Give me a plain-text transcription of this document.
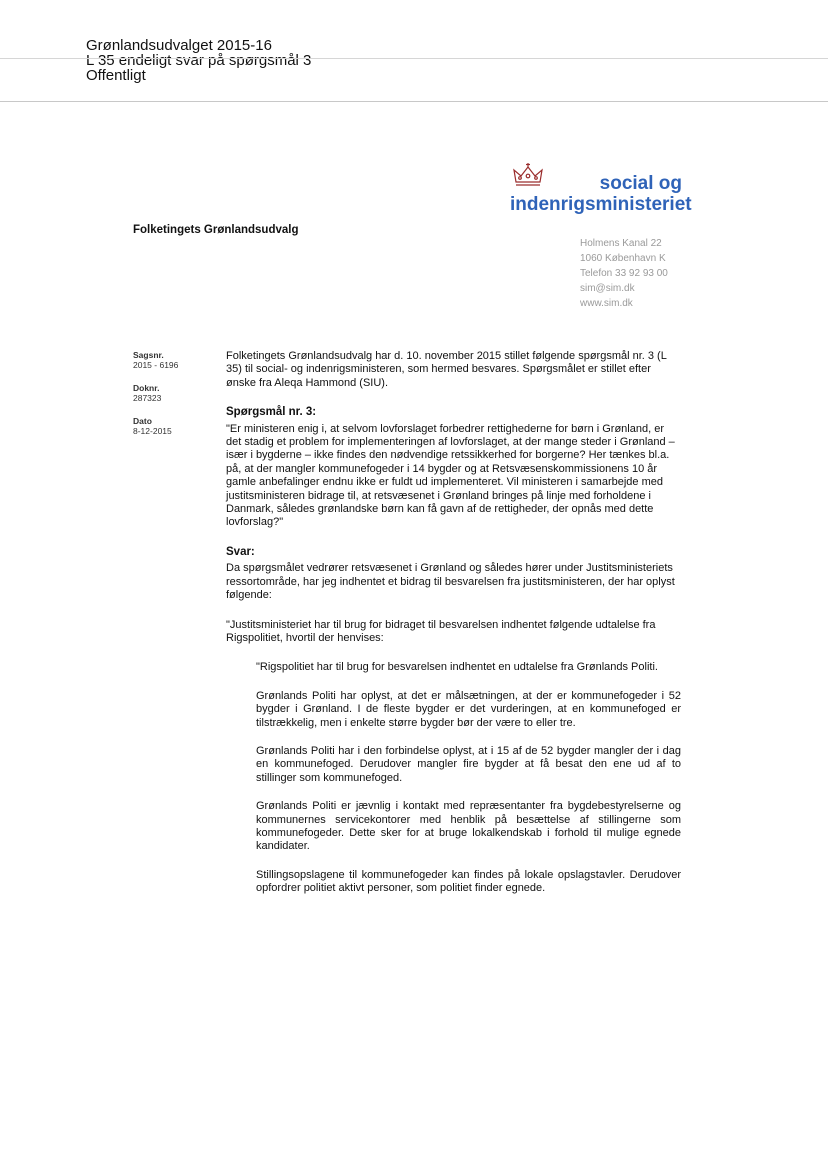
Grønlandsudvalget 2015-16
L 35 endeligt svar på spørgsmål 3
Offentligt
social og
indenrigsministeriet
Folketingets Grønlandsudvalg
Holmens Kanal 22
1060 København K
Telefon 33 92 93 00
sim@sim.dk
www.sim.dk
Sagsnr.
2015 - 6196
Doknr.
287323
Dato
8-12-2015

Folketingets Grønlandsudvalg har d. 10. november 2015 stillet følgende spørgsmål nr. 3 (L 35) til social- og indenrigsministeren, som hermed besvares. Spørgsmålet er stillet efter ønske fra Aleqa Hammond (SIU).

Spørgsmål nr. 3:

"Er ministeren enig i, at selvom lovforslaget forbedrer rettighederne for børn i Grønland, er det stadig et problem for implementeringen af lovforslaget, at der mange steder i Grønland – især i bygderne – ikke findes den nødvendige retssikkerhed for borgerne? Her tænkes bl.a. på, at der mangler kommunefogeder i 14 bygder og at Retsvæsenskommissionens 10 år gamle anbefalinger endnu ikke er fuldt ud implementeret. Vil ministeren i samarbejde med justitsministeren bidrage til, at retsvæsenet i Grønland bringes på linje med forholdene i Danmark, således grønlandske børn kan få gavn af de rettigheder, der opnås med dette lovforslag?"

Svar:

Da spørgsmålet vedrører retsvæsenet i Grønland og således hører under Justitsministeriets ressortområde, har jeg indhentet et bidrag til besvarelsen fra justitsministeren, der har oplyst følgende:

"Justitsministeriet har til brug for bidraget til besvarelsen indhentet følgende udtalelse fra Rigspolitiet, hvortil der henvises:

"Rigspolitiet har til brug for besvarelsen indhentet en udtalelse fra Grønlands Politi.

Grønlands Politi har oplyst, at det er målsætningen, at der er kommunefogeder i 52 bygder i Grønland. I de fleste bygder er det vurderingen, at en kommunefoged er tilstrækkelig, men i enkelte større bygder bør der være to eller tre.

Grønlands Politi har i den forbindelse oplyst, at i 15 af de 52 bygder mangler der i dag en kommunefoged. Derudover mangler fire bygder at få besat den ene ud af to stillinger som kommunefoged.

Grønlands Politi er jævnlig i kontakt med repræsentanter fra bygdebestyrelserne og kommunernes servicekontorer med henblik på besættelse af stillingerne som kommunefogeder. Dette sker for at bruge lokalkendskab i forhold til mulige egnede kandidater.

Stillingsopslagene til kommunefogeder kan findes på lokale opslagstavler. Derudover opfordrer politiet aktivt personer, som politiet finder egnede.
